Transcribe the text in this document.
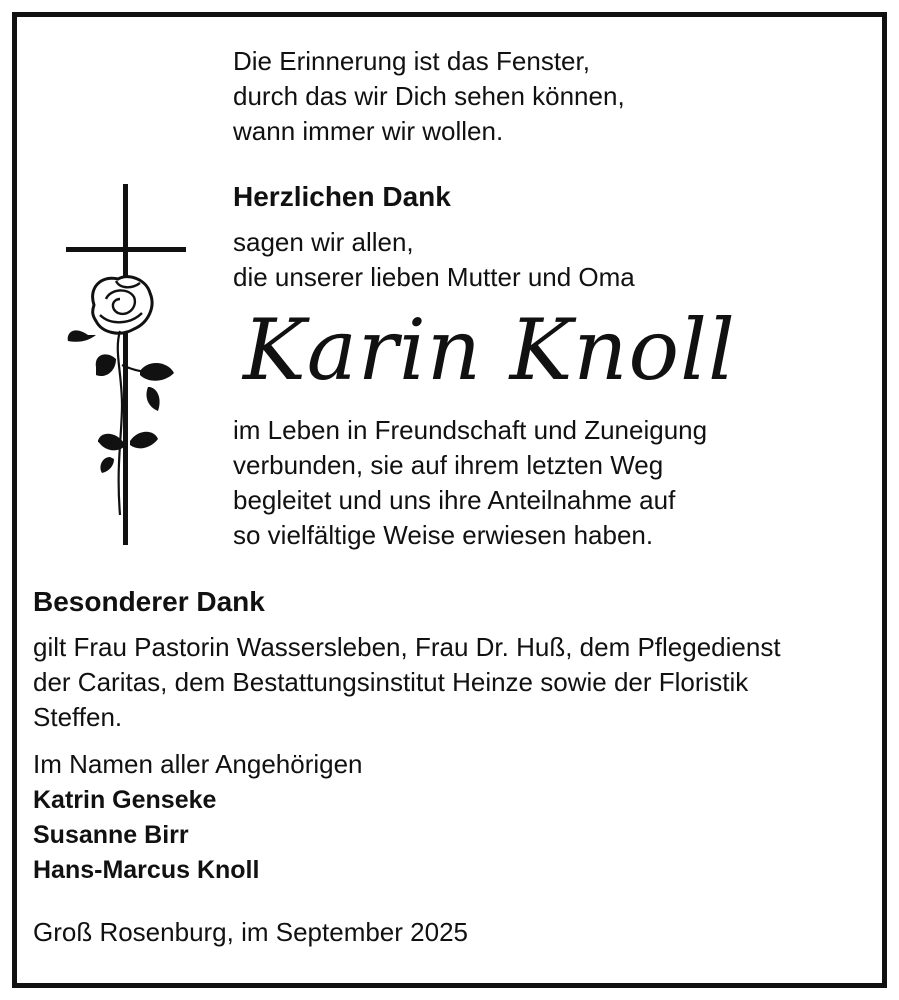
Die Erinnerung ist das Fenster,
durch das wir Dich sehen können,
wann immer wir wollen.

Herzlichen Dank

sagen wir allen,
die unserer lieben Mutter und Oma

Karin Knoll

im Leben in Freundschaft und Zuneigung
verbunden, sie auf ihrem letzten Weg
begleitet und uns ihre Anteilnahme auf
so vielfältige Weise erwiesen haben.

Besonderer Dank

gilt Frau Pastorin Wassersleben, Frau Dr. Huß, dem Pflegedienst
der Caritas, dem Bestattungsinstitut Heinze sowie der Floristik
Steffen.

Im Namen aller Angehörigen

Katrin Genseke

Susanne Birr

Hans-Marcus Knoll

Groß Rosenburg, im September 2025
